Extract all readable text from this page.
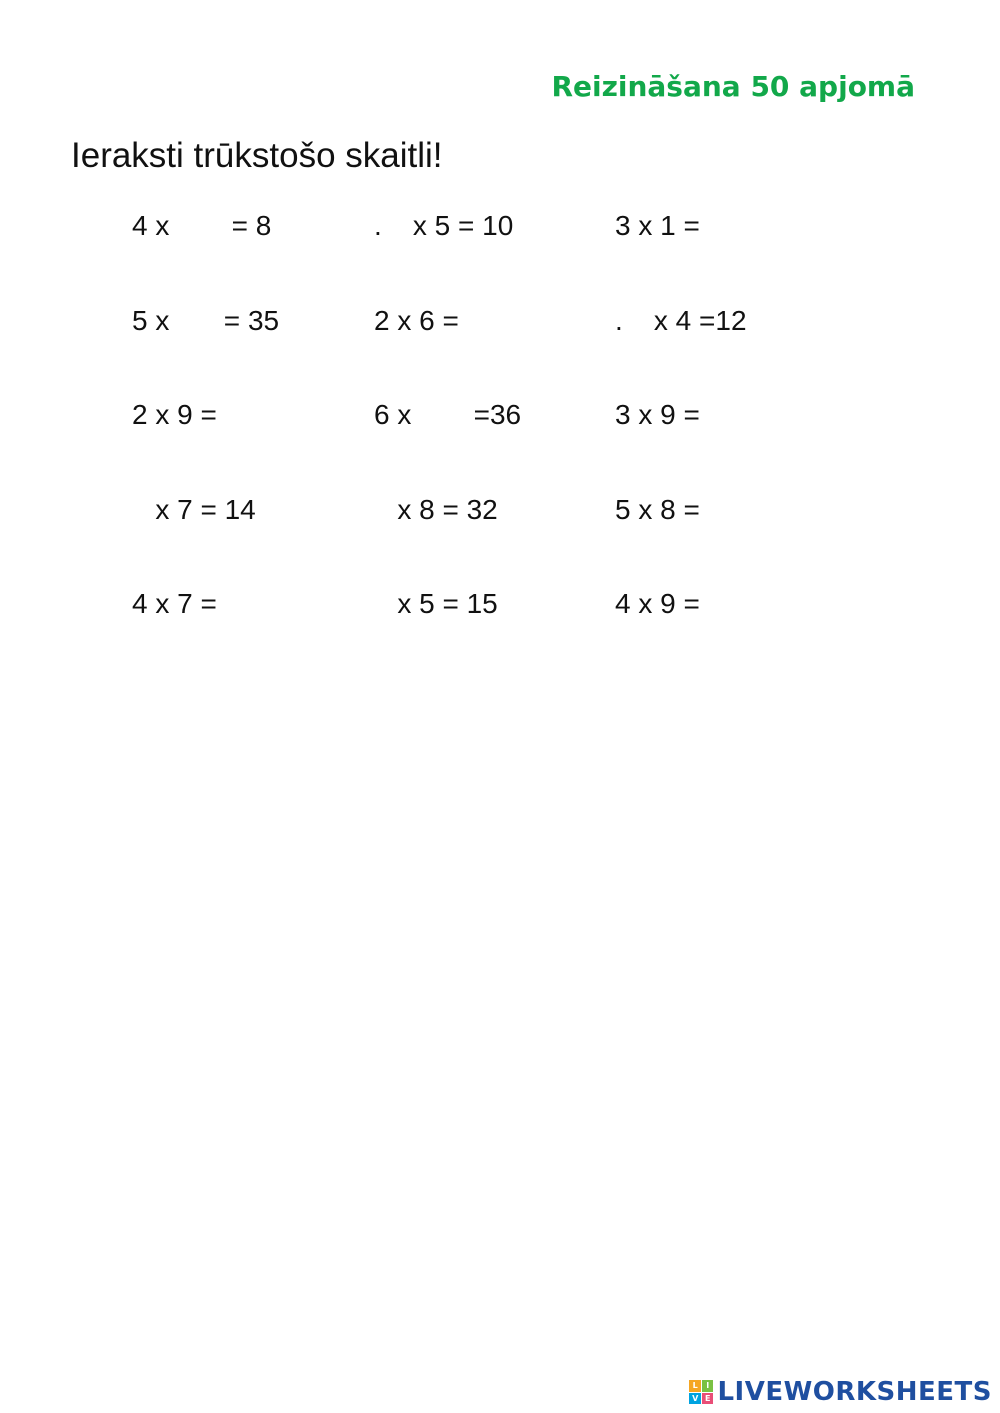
Reizināšana 50 apjomā
Ieraksti trūkstošo skaitli!
4 x        = 8	.    x 5 = 10	3 x 1 =
5 x       = 35	2 x 6 =	.    x 4 =12
2 x 9 =	6 x        =36	3 x 9 =
x 7 = 14	x 8 = 32	5 x 8 =
4 x 7 =	x 5 = 15	4 x 9 =
L	I
V E LIVEWORKSHEETS
